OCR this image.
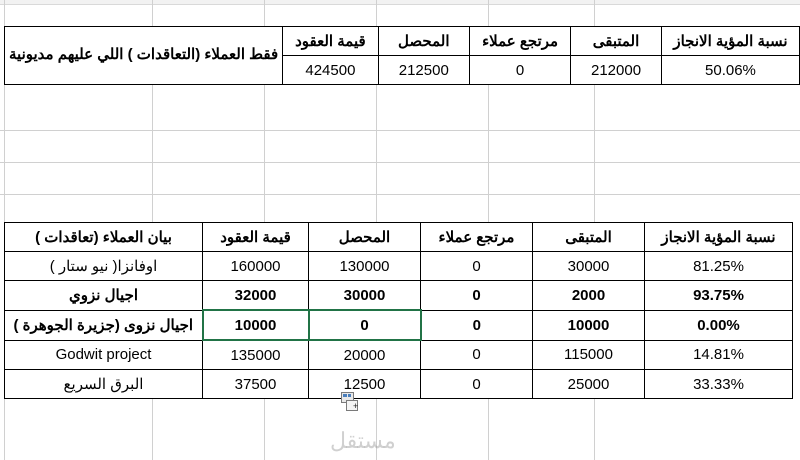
نسبة المؤية الانجاز	المتبقى	مرتجع عملاء	المحصل	قيمة العقود	فقط العملاء (التعاقدات ) اللي عليهم مديونية
50.06%	212000	0	212500	424500	
نسبة المؤية الانجاز	المتبقى	مرتجع عملاء	المحصل	قيمة العقود	بيان العملاء (تعاقدات )
81.25%	30000	0	130000	160000	اوفانزا( نيو ستار )
93.75%	2000	0	30000	32000	اجيال نزوي
0.00%	10000	0	0	10000	اجيال نزوى (جزيرة الجوهرة )
14.81%	115000	0	20000	135000	Godwit project
33.33%	25000	0	12500	37500	البرق السريع
+
مستقل
